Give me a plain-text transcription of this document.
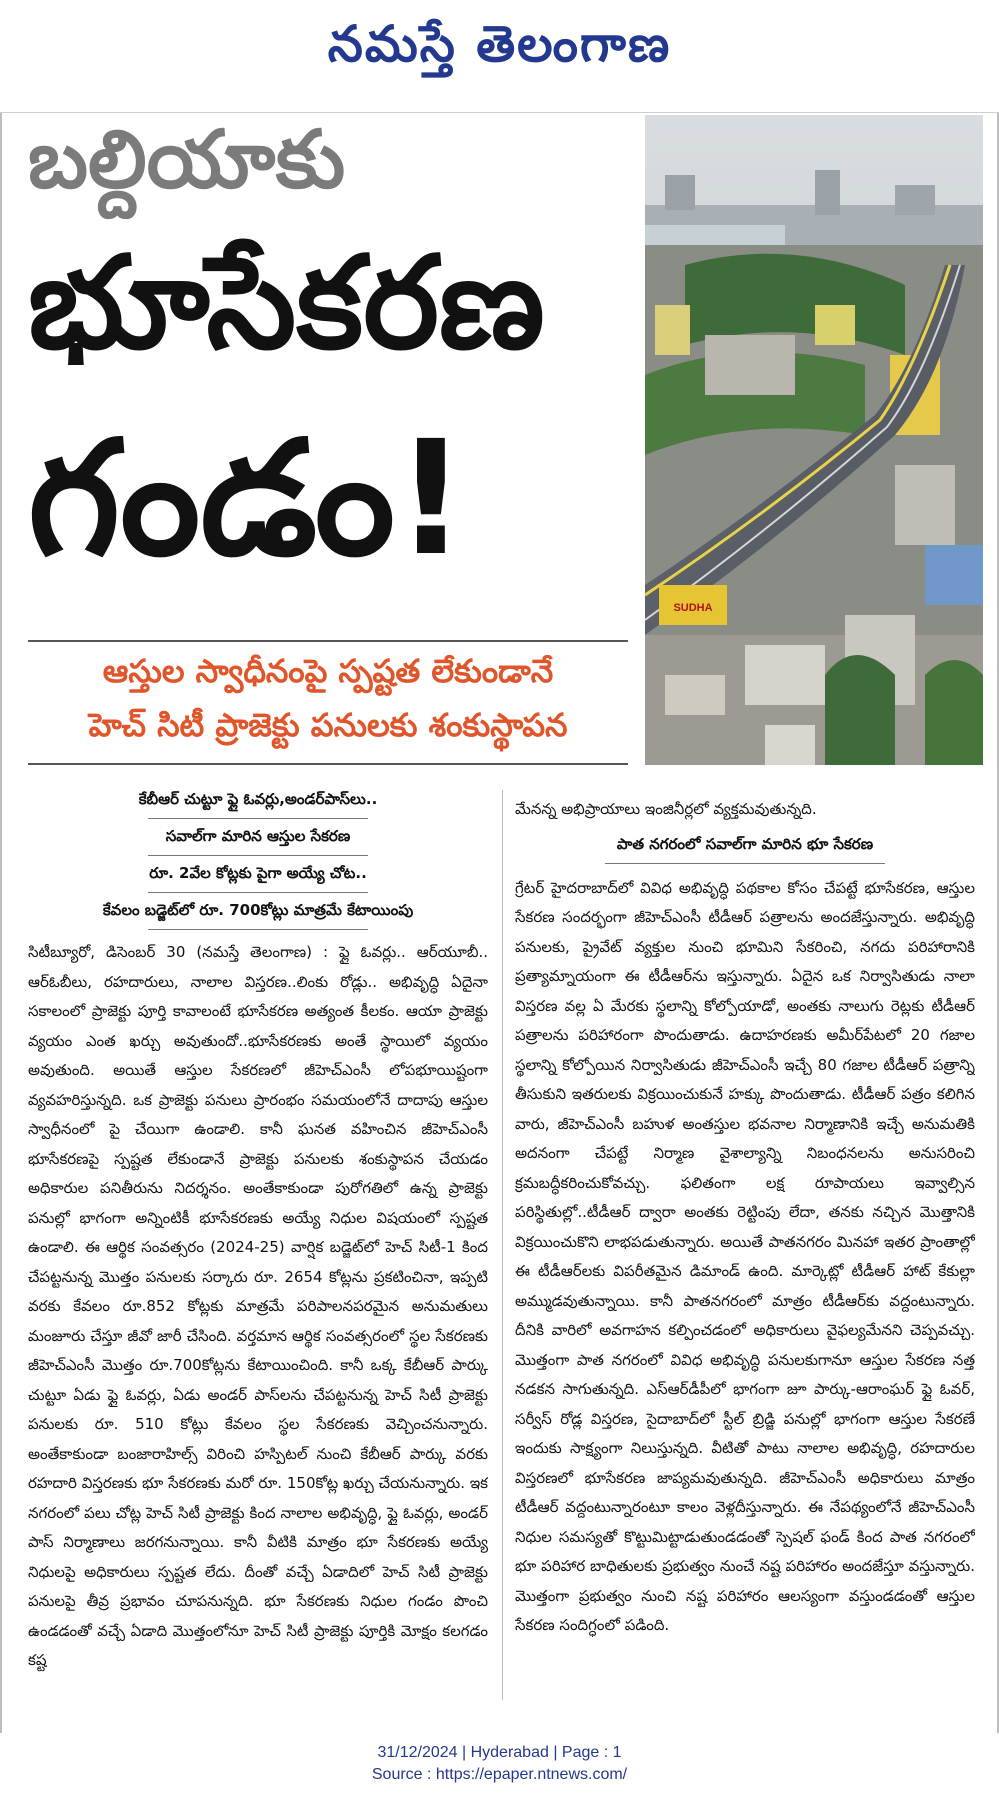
నమస్తే తెలంగాణ
బల్దియాకు
భూసేకరణ
గండం!
SUDHA
ఆస్తుల స్వాధీనంపై స్పష్టత లేకుండానే
హెచ్ సిటీ ప్రాజెక్టు పనులకు శంకుస్థాపన

కేబీఆర్ చుట్టూ ఫ్లై ఓవర్లు,అండర్‌పాస్‌లు..

సవాల్‌గా మారిన ఆస్తుల సేకరణ

రూ. 2వేల కోట్లకు పైగా అయ్యే చోట..

కేవలం బడ్జెట్‌లో రూ. 700కోట్లు మాత్రమే కేటాయింపు

సిటీబ్యూరో, డిసెంబర్ 30 (నమస్తే తెలంగాణ) : ఫ్లై ఓవర్లు.. ఆర్‌యూబీ.. ఆర్‌ఓబీలు, రహదారులు, నాలాల విస్తరణ..లింకు రోడ్లు.. అభివృద్ధి ఏదైనా సకాలంలో ప్రాజెక్టు పూర్తి కావాలంటే భూసేకరణ అత్యంత కీలకం. ఆయా ప్రాజెక్టు వ్యయం ఎంత ఖర్చు అవుతుందో..భూసేకరణకు అంతే స్థాయిలో వ్యయం అవుతుంది. అయితే ఆస్తుల సేకరణలో జీహెచ్‌ఎంసీ లోపభూయిష్టంగా వ్యవహరిస్తున్నది. ఒక ప్రాజెక్టు పనులు ప్రారంభం సమయంలోనే దాదాపు ఆస్తుల స్వాధీనంలో పై చేయిగా ఉండాలి. కానీ ఘనత వహించిన జీహెచ్‌ఎంసీ భూసేకరణపై స్పష్టత లేకుండానే ప్రాజెక్టు పనులకు శంకుస్థాపన చేయడం అధికారుల పనితీరును నిదర్శనం. అంతేకాకుండా పురోగతిలో ఉన్న ప్రాజెక్టు పనుల్లో భాగంగా అన్నింటికీ భూసేకరణకు అయ్యే నిధుల విషయంలో స్పష్టత ఉండాలి. ఈ ఆర్థిక సంవత్సరం (2024-25) వార్షిక బడ్జెట్‌లో హెచ్ సిటీ-1 కింద చేపట్టనున్న మొత్తం పనులకు సర్కారు రూ. 2654 కోట్లను ప్రకటించినా, ఇప్పటి వరకు కేవలం రూ.852 కోట్లకు మాత్రమే పరిపాలనపరమైన అనుమతులు మంజూరు చేస్తూ జీవో జారీ చేసింది. వర్తమాన ఆర్థిక సంవత్సరంలో స్థల సేకరణకు జీహెచ్‌ఎంసీ మొత్తం రూ.700కోట్లను కేటాయించింది. కానీ ఒక్క కేబీఆర్ పార్కు చుట్టూ ఏడు ఫ్లై ఓవర్లు, ఏడు అండర్ పాస్‌లను చేపట్టనున్న హెచ్ సిటీ ప్రాజెక్టు పనులకు రూ. 510 కోట్లు కేవలం స్థల సేకరణకు వెచ్చించనున్నారు. అంతేకాకుండా బంజారాహిల్స్ విరించి హస్పిటల్ నుంచి కేబీఆర్ పార్కు వరకు రహదారి విస్తరణకు భూ సేకరణకు మరో రూ. 150కోట్ల ఖర్చు చేయనున్నారు. ఇక నగరంలో పలు చోట్ల హెచ్ సిటీ ప్రాజెక్టు కింద నాలాల అభివృద్ధి, ఫ్లై ఓవర్లు, అండర్ పాస్ నిర్మాణాలు జరగనున్నాయి. కానీ వీటికి మాత్రం భూ సేకరణకు అయ్యే నిధులపై అధికారులు స్పష్టత లేదు. దీంతో వచ్చే ఏడాదిలో హెచ్ సిటీ ప్రాజెక్టు పనులపై తీవ్ర ప్రభావం చూపనున్నది. భూ సేకరణకు నిధుల గండం పొంచి ఉండడంతో వచ్చే ఏడాది మొత్తంలోనూ హెచ్ సిటీ ప్రాజెక్టు పూర్తికి మోక్షం కలగడం కష్ట

మేనన్న అభిప్రాయాలు ఇంజినీర్లలో వ్యక్తమవుతున్నది.

పాత నగరంలో సవాల్‌గా మారిన భూ సేకరణ

గ్రేటర్ హైదరాబాద్‌లో వివిధ అభివృద్ధి పథకాల కోసం చేపట్టే భూసేకరణ, ఆస్తుల సేకరణ సందర్భంగా జీహెచ్‌ఎంసీ టీడీఆర్ పత్రాలను అందజేస్తున్నారు. అభివృద్ధి పనులకు, ప్రైవేట్ వ్యక్తుల నుంచి భూమిని సేకరించి, నగదు పరిహారానికి ప్రత్యామ్నాయంగా ఈ టీడీఆర్‌ను ఇస్తున్నారు. ఏదైన ఒక నిర్వాసితుడు నాలా విస్తరణ వల్ల ఏ మేరకు స్థలాన్ని కోల్పోయాడో, అంతకు నాలుగు రెట్లకు టీడీఆర్ పత్రాలను పరిహారంగా పొందుతాడు. ఉదాహరణకు అమీర్‌పేటలో 20 గజాల స్థలాన్ని కోల్పోయిన నిర్వాసితుడు జీహెచ్‌ఎంసీ ఇచ్చే 80 గజాల టీడీఆర్ పత్రాన్ని తీసుకుని ఇతరులకు విక్రయించుకునే హక్కు పొందుతాడు. టీడీఆర్ పత్రం కలిగిన వారు, జీహెచ్‌ఎంసీ బహుళ అంతస్తుల భవనాల నిర్మాణానికి ఇచ్చే అనుమతికి అదనంగా చేపట్టే నిర్మాణ వైశాల్యాన్ని నిబంధనలను అనుసరించి క్రమబద్ధీకరించుకోవచ్చు. ఫలితంగా లక్ష రూపాయలు ఇవ్వాల్సిన పరిస్థితుల్లో..టీడీఆర్ ద్వారా అంతకు రెట్టింపు లేదా, తనకు నచ్చిన మొత్తానికి విక్రయించుకొని లాభపడుతున్నారు. అయితే పాతనగరం మినహా ఇతర ప్రాంతాల్లో ఈ టీడీఆర్‌లకు విపరీతమైన డిమాండ్ ఉంది. మార్కెట్లో టీడీఆర్ హాట్ కేకుల్లా అమ్ముడవుతున్నాయి. కానీ పాతనగరంలో మాత్రం టీడీఆర్‌కు వద్దంటున్నారు. దీనికి వారిలో అవగాహన కల్పించడంలో అధికారులు వైఫల్యమేనని చెప్పవచ్చు. మొత్తంగా పాత నగరంలో వివిధ అభివృద్ధి పనులకుగానూ ఆస్తుల సేకరణ నత్త నడకన సాగుతున్నది. ఎస్‌ఆర్‌డీపీలో భాగంగా జూ పార్కు-ఆరాంఘర్ ఫ్లై ఓవర్, సర్వీస్ రోడ్ల విస్తరణ, సైదాబాద్‌లో స్టీల్ బ్రిడ్జి పనుల్లో భాగంగా ఆస్తుల సేకరణే ఇందుకు సాక్ష్యంగా నిలుస్తున్నది. వీటితో పాటు నాలాల అభివృద్ధి, రహదారుల విస్తరణలో భూసేకరణ జాప్యమవుతున్నది. జీహెచ్‌ఎంసీ అధికారులు మాత్రం టీడీఆర్ వద్దంటున్నారంటూ కాలం వెళ్లదీస్తున్నారు. ఈ నేపథ్యంలోనే జీహెచ్‌ఎంసీ నిధుల సమస్యతో కొట్టుమిట్టాడుతుండడంతో స్పెషల్ ఫండ్ కింద పాత నగరంలో భూ పరిహార బాధితులకు ప్రభుత్వం నుంచే నష్ట పరిహారం అందజేస్తూ వస్తున్నారు. మొత్తంగా ప్రభుత్వం నుంచి నష్ట పరిహారం ఆలస్యంగా వస్తుండడంతో ఆస్తుల సేకరణ సందిగ్ధంలో పడింది.

31/12/2024 | Hyderabad | Page : 1
Source : https://epaper.ntnews.com/
